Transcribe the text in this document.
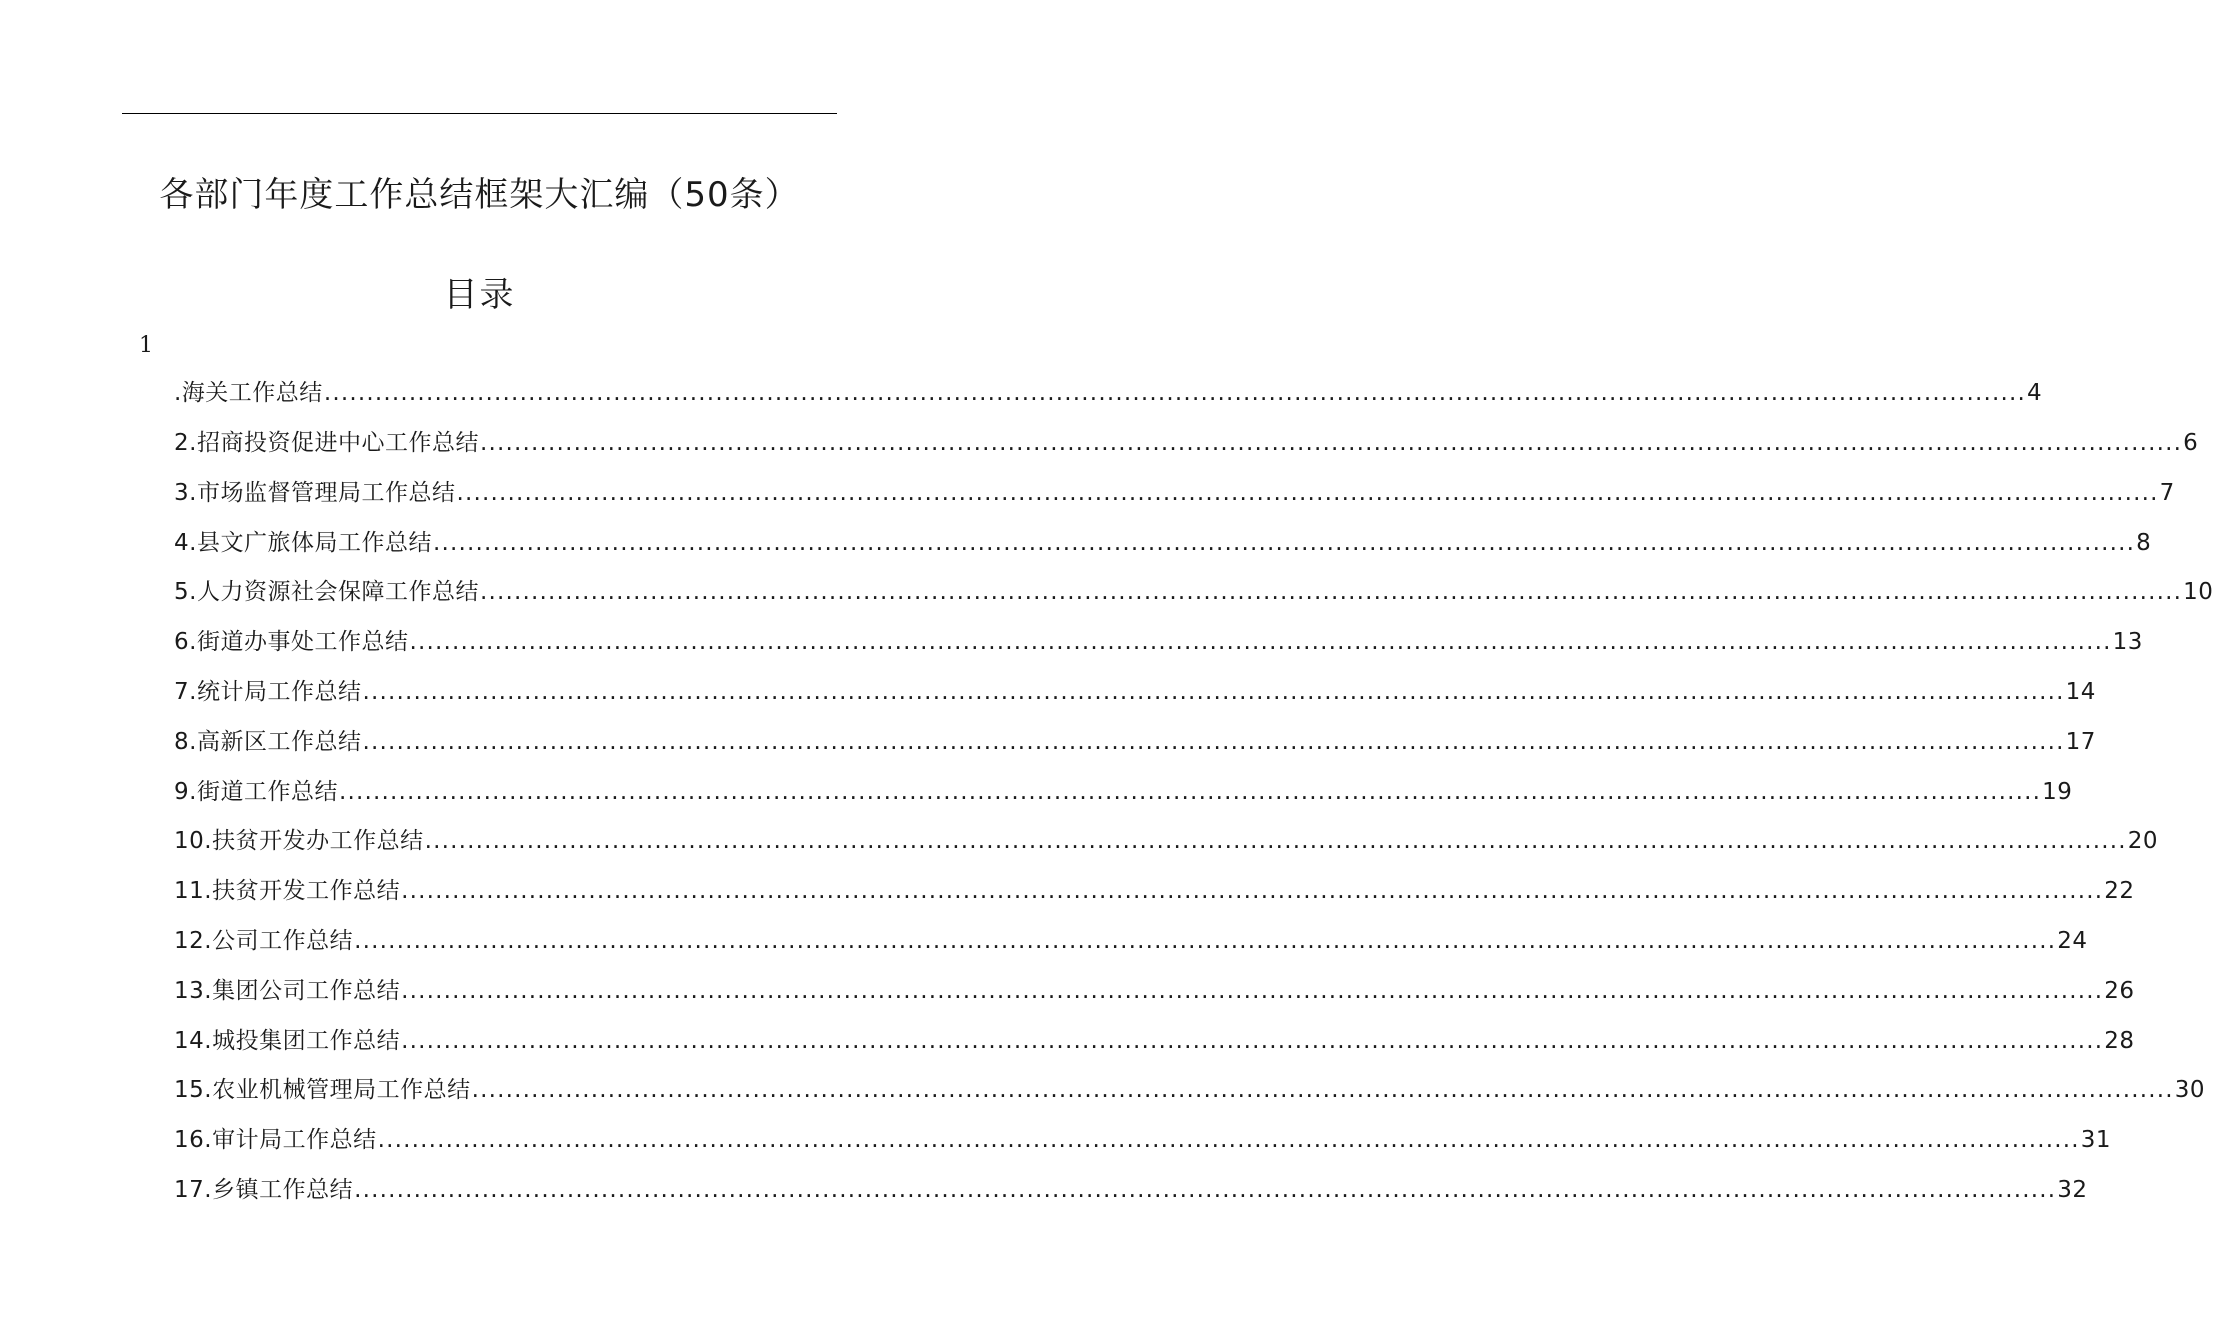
各部门年度工作总结框架大汇编（50条）
目录
1
.海关工作总结 ........................................................................................................................................................................................................ 4
2.招商投资促进中心工作总结 ........................................................................................................................................................................................................ 6
3.市场监督管理局工作总结 ........................................................................................................................................................................................................ 7
4.县文广旅体局工作总结 ........................................................................................................................................................................................................ 8
5.人力资源社会保障工作总结 ........................................................................................................................................................................................................ 10
6.街道办事处工作总结 ........................................................................................................................................................................................................ 13
7.统计局工作总结 ........................................................................................................................................................................................................ 14
8.高新区工作总结 ........................................................................................................................................................................................................ 17
9.街道工作总结 ........................................................................................................................................................................................................ 19
10.扶贫开发办工作总结 ........................................................................................................................................................................................................ 20
11.扶贫开发工作总结 ........................................................................................................................................................................................................ 22
12.公司工作总结 ........................................................................................................................................................................................................ 24
13.集团公司工作总结 ........................................................................................................................................................................................................ 26
14.城投集团工作总结 ........................................................................................................................................................................................................ 28
15.农业机械管理局工作总结 ........................................................................................................................................................................................................ 30
16.审计局工作总结 ........................................................................................................................................................................................................ 31
17.乡镇工作总结 ........................................................................................................................................................................................................ 32
